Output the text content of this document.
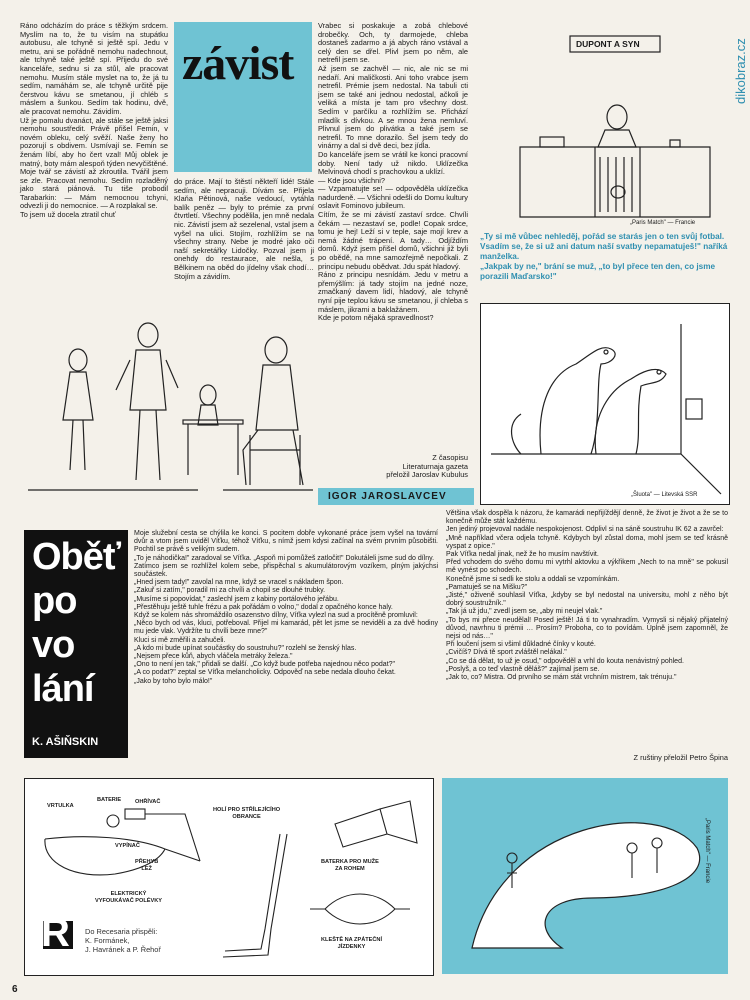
dikobraz.cz
Ráno odcházím do práce s těžkým srdcem. Myslím na to, že tu visím na stupátku autobusu, ale tchyně si ještě spí. Jedu v metru, ani se pořádně nemohu nadechnout, ale tchyně také ještě spí. Přijedu do své kanceláře, sednu si za stůl, ale pracovat nemohu. Musím stále myslet na to, že já tu sedím, namáhám se, ale tchyně určitě pije čerstvou kávu se smetanou, jí chléb s máslem a šunkou. Sedím tak hodinu, dvě, ale pracovat nemohu. Závidím.
Už je pomalu dvanáct, ale stále se ještě jaksi nemohu soustředit. Právě přišel Femin, v novém obleku, celý svěží. Naše ženy ho pozorují s obdivem. Usmívají se. Femin se ženám líbí, aby ho čert vzal! Můj oblek je matný, boty mám alespoň týden nevyčištěné. Moje tvář se závistí až zkroutila. Tvářil jsem se zle. Pracovat nemohu. Sedím rozladěný jako stará piánová. Tu tiše probodil Tarabarkin: — Mám nemocnou tchyni, odvezli ji do nemocnice. — A rozplakal se.
To jsem už docela ztratil chuť
závist
do práce. Mají to štěstí někteří lidé! Stále sedím, ale nepracuji. Dívám se. Přijela Klaňa Pětinová, naše vedoucí, vytáhla balík peněz — byly to prémie za první čtvrtletí. Všechny podělila, jen mně nedala nic. Závistí jsem až sezelenal, vstal jsem a vyšel na ulici. Stojím, rozhlížím se na všechny strany. Nebe je modré jako oči naší sekretářky Lidočky. Pozval jsem ji onehdy do restaurace, ale nešla, s Bělkinem na oběd do jídelny však chodí… Stojím a závidím.
Vrabec si poskakuje a zobá chlebové drobečky. Och, ty darmojede, chleba dostaneš zadarmo a já abych ráno vstával a celý den se dřel. Plivl jsem po něm, ale netrefil jsem se.
Až jsem se zachvěl — nic, ale nic se mi nedaří. Ani maličkosti. Ani toho vrabce jsem netrefil. Prémie jsem nedostal. Na tabuli cti jsem se také ani jednou nedostal, ačkoli je veliká a místa je tam pro všechny dost. Sedím v parčíku a rozhlížím se. Přichází mladík s dívkou. A se mnou žena nemluví. Plivnul jsem do plivátka a také jsem se netrefil. To mne dorazilo. Šel jsem tedy do vinárny a dal si dvě deci, bez jídla.
Do kanceláře jsem se vrátil ke konci pracovní doby. Není tady už nikdo. Uklízečka Melvinová chodí s prachovkou a uklízí.
— Kde jsou všichni?
— Vzpamatujte se! — odpověděla uklízečka nadurdeně. — Všichni odešli do Domu kultury oslavit Fominovo jubileum.
Cítím, že se mi závistí zastaví srdce. Chvíli čekám — nezastaví se, podle! Copak srdce, tomu je hej! Leží si v teple, saje mojí krev a nemá žádné trápení. A tady… Odjíždím domů. Když jsem přišel domů, všichni již byli po obědě, na mne samozřejmě nepočkali. Z principu nebudu obědvat. Jdu spát hladový.
Ráno z principu nesnídám. Jedu v metru a přemýšlím: já tady stojím na jedné noze, zmačkaný davem lidí, hladový, ale tchyně nyní pije teplou kávu se smetanou, jí chleba s máslem, jikrami a baklažánem.
Kde je potom nějaká spravedlnost?
Z časopisu
Literaturnaja gazeta
přeložil Jaroslav Kubulus
IGOR JAROSLAVCEV
DUPONT A SYN
„Paris Match" — Francie
„Ty si mě vůbec nehleděj, pořád se starás jen o ten svůj fotbal. Vsadím se, že si už ani datum naší svatby nepamatuješ!" naříká manželka.
„Jakpak by ne," brání se muž, „to byl přece ten den, co jsme porazili Maďarsko!"
„Šluota" — Litevská SSR
Oběť
po
vo
lání
K. AŠIŇSKIN
Moje služební cesta se chýlila ke konci. S pocitem dobře vykonané práce jsem vyšel na tovární dvůr a vtom jsem uviděl Víťku, téhož Víťku, s nímž jsem kdysi začínal na svém prvním působišti. Pochtil se právě s velikým sudem.
„To je náhodička!" zaradoval se Víťka. „Aspoň mi pomůžeš zatločit!" Dokutáleli jsme sud do dílny.
Zatímco jsem se rozhlížel kolem sebe, přispěchal s akumulátorovým vozíkem, plným jakýchsi součástek.
„Hned jsem tady!" zavolal na mne, když se vracel s nákladem špon.
„Zakuř si zatím," poradil mi za chvíli a chopil se dlouhé trubky.
„Musíme si popovídat," zaslechl jsem z kabiny portálového jeřábu.
„Přestěhuju ještě tuhle frézu a pak pořádám o volno," dodal z opačného konce haly.
Když se kolem nás shromáždilo osazenstvo dílny, Víťka vylezl na sud a procítěně promluvil:
„Něco bych od vás, kluci, potřeboval. Přijel mi kamarád, pět let jsme se neviděli a za dvě hodiny mu jede vlak. Vydržíte tu chvíli beze mne?"
Kluci si mě změřili a zahučeli.
„A kdo mi bude upínat součástky do soustruhu?" rozlehl se ženský hlas.
„Nejsem přece kůň, abych vláčela metráky železa."
„Ono to není jen tak," přidali se další. „Co když bude potřeba najednou něco podat?"
„A co podat?" zeptal se Víťka melancholicky. Odpověď na sebe nedala dlouho čekat.
„Jako by toho bylo málo!"
Většina však dospěla k názoru, že kamarádi nepřijíždějí denně, že život je život a že se to konečně může stát každému.
Jen jediný projevoval nadále nespokojenost. Odplivl si na sáně soustruhu IK 62 a zavrčel:
„Mně například včera odjela tchyně. Kdybych byl zůstal doma, mohl jsem se teď krásně vyspat z opice."
Pak Víťka nedal jinak, než že ho musím navštívit.
Před vchodem do svého domu mi vytrhl aktovku a výkřikem „Nech to na mně" se pokusil mě vynést po schodech.
Konečně jsme si sedli ke stolu a oddali se vzpomínkám.
„Pamatuješ se na Mišku?"
„Jisté," oživeně souhlasil Víťka, „kdyby se byl nedostal na universitu, mohl z něho být dobrý soustružník."
„Tak já už jdu," zvedl jsem se, „aby mi neujel vlak."
„To bys mi přece neudělal! Posed ještě! Já ti to vynahradím. Vymysli si nějaký přijatelný důvod, navrhnu ti prémii … Prosím? Proboha, co to povídám. Úplně jsem zapomněl, že nejsi od nás…"
Při loučení jsem si všiml důkladné čínky v kouté.
„Cvičíš? Dívá tě sport zvláštěl nelákal."
„Co se dá dělat, to už je osud," odpověděl a vrhl do kouta nenávistný pohled.
„Poslyš, a co teď vlastně děláš?" zajímal jsem se.
„Jak to, co? Mistra. Od prvního se mám stát vrchním mistrem, tak trénuju."
Z ruštiny přeložil Petro Špina
VRTULKA
BATERIE OHŘÍVAČ
VYPÍNAČ
PŘEHYB
LEŽ
HOLÍ PRO STŘÍLEJÍCÍHO
OBRANCE
ELEKTRICKÝ
VYFOUKÁVAČ POLÉVKY
BATERKA PRO MUŽE
ZA ROHEM
KLEŠTĚ NA ZPÁTEČNÍ
JÍZDENKY
R Do Recesaria přispěli:
K. Formánek,
J. Havránek a P. Řehoř
„Paris Match" — Francie
6
